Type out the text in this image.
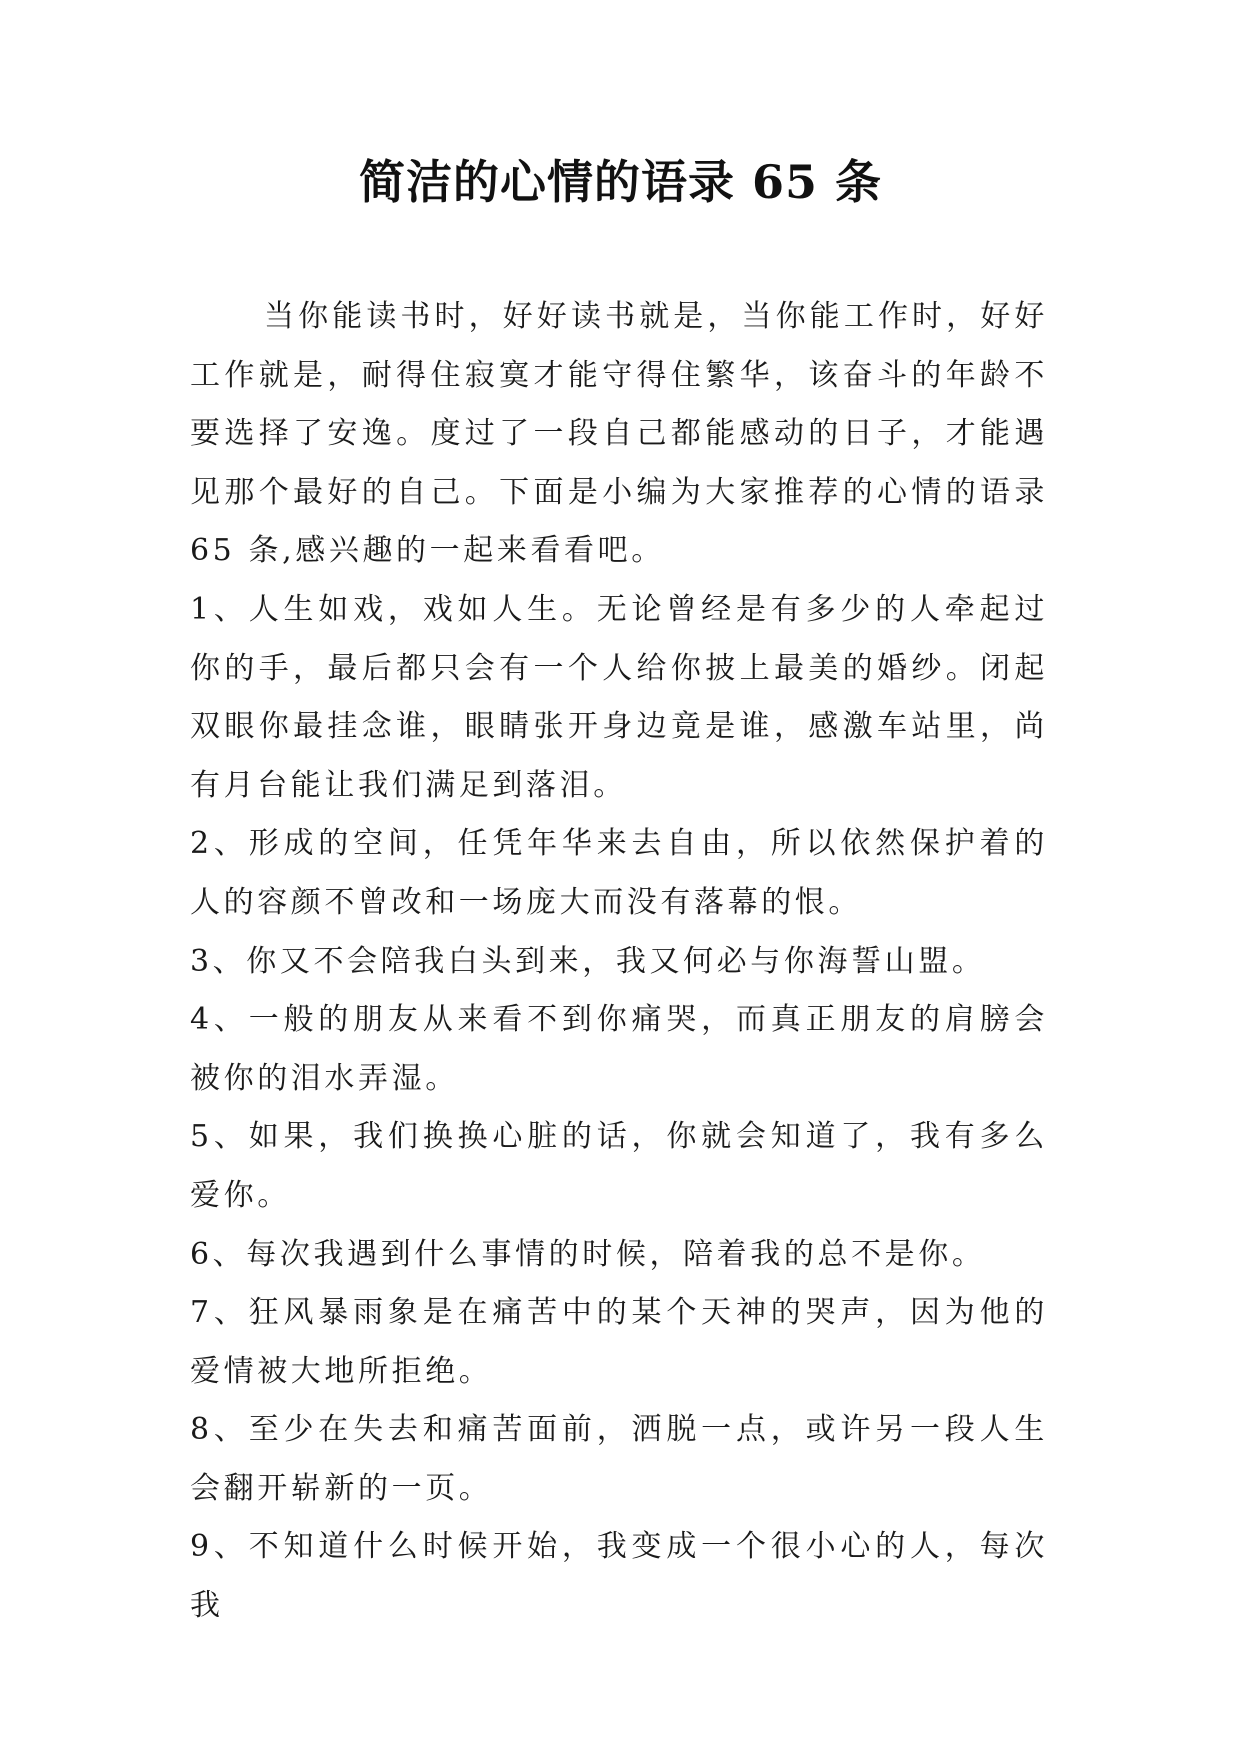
简洁的心情的语录 65 条

当你能读书时，好好读书就是，当你能工作时，好好工作就是，耐得住寂寞才能守得住繁华，该奋斗的年龄不要选择了安逸。度过了一段自己都能感动的日子，才能遇见那个最好的自己。下面是小编为大家推荐的心情的语录 65 条,感兴趣的一起来看看吧。

1、人生如戏，戏如人生。无论曾经是有多少的人牵起过你的手，最后都只会有一个人给你披上最美的婚纱。闭起双眼你最挂念谁，眼睛张开身边竟是谁，感激车站里，尚有月台能让我们满足到落泪。

2、形成的空间，任凭年华来去自由，所以依然保护着的人的容颜不曾改和一场庞大而没有落幕的恨。

3、你又不会陪我白头到来，我又何必与你海誓山盟。

4、一般的朋友从来看不到你痛哭，而真正朋友的肩膀会被你的泪水弄湿。

5、如果，我们换换心脏的话，你就会知道了，我有多么爱你。

6、每次我遇到什么事情的时候，陪着我的总不是你。

7、狂风暴雨象是在痛苦中的某个天神的哭声，因为他的爱情被大地所拒绝。

8、至少在失去和痛苦面前，洒脱一点，或许另一段人生会翻开崭新的一页。

9、不知道什么时候开始，我变成一个很小心的人，每次我
